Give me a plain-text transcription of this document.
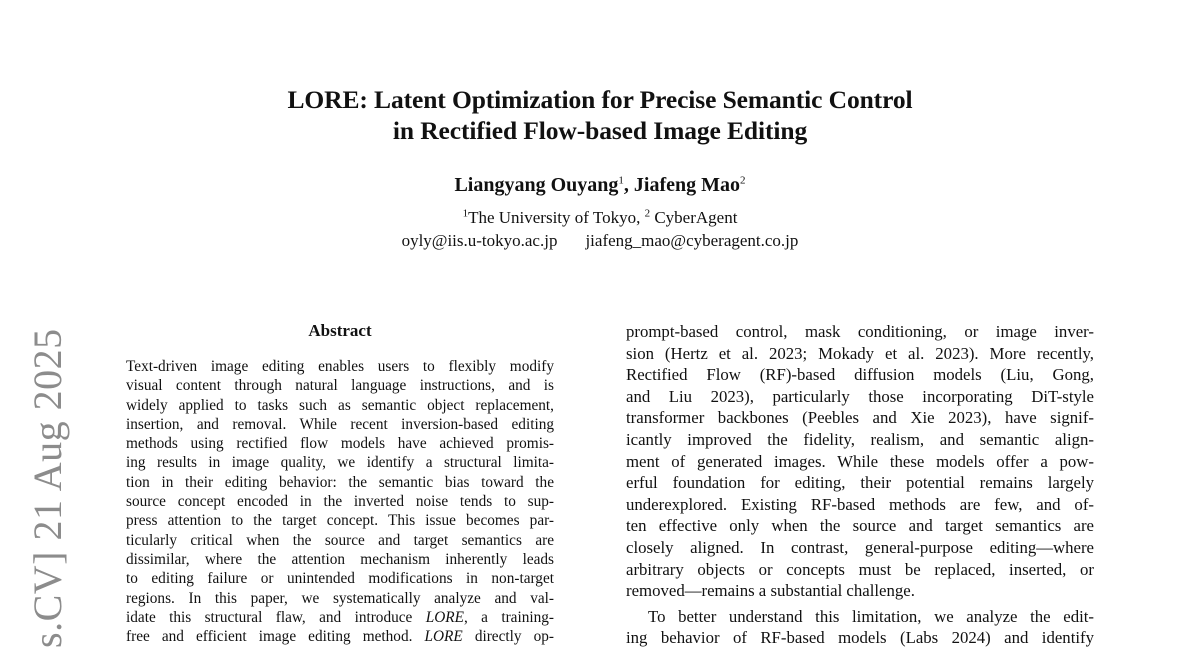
s.CV] 21 Aug 2025
LORE: Latent Optimization for Precise Semantic Control
in Rectified Flow-based Image Editing
Liangyang Ouyang$^1$, Jiafeng Mao$^2$
$^1$The University of Tokyo, $^2$ CyberAgent
oyly@iis.u-tokyo.ac.jp jiafeng_mao@cyberagent.co.jp
Abstract
Text-driven image editing enables users to flexibly modify
visual content through natural language instructions, and is
widely applied to tasks such as semantic object replacement,
insertion, and removal. While recent inversion-based editing
methods using rectified flow models have achieved promis-
ing results in image quality, we identify a structural limita-
tion in their editing behavior: the semantic bias toward the
source concept encoded in the inverted noise tends to sup-
press attention to the target concept. This issue becomes par-
ticularly critical when the source and target semantics are
dissimilar, where the attention mechanism inherently leads
to editing failure or unintended modifications in non-target
regions. In this paper, we systematically analyze and val-
idate this structural flaw, and introduce LORE, a training-
free and efficient image editing method. LORE directly op-
prompt-based control, mask conditioning, or image inver-
sion (Hertz et al. 2023; Mokady et al. 2023). More recently,
Rectified Flow (RF)-based diffusion models (Liu, Gong,
and Liu 2023), particularly those incorporating DiT-style
transformer backbones (Peebles and Xie 2023), have signif-
icantly improved the fidelity, realism, and semantic align-
ment of generated images. While these models offer a pow-
erful foundation for editing, their potential remains largely
underexplored. Existing RF-based methods are few, and of-
ten effective only when the source and target semantics are
closely aligned. In contrast, general-purpose editing—where
arbitrary objects or concepts must be replaced, inserted, or
removed—remains a substantial challenge.
To better understand this limitation, we analyze the edit-
ing behavior of RF-based models (Labs 2024) and identify
